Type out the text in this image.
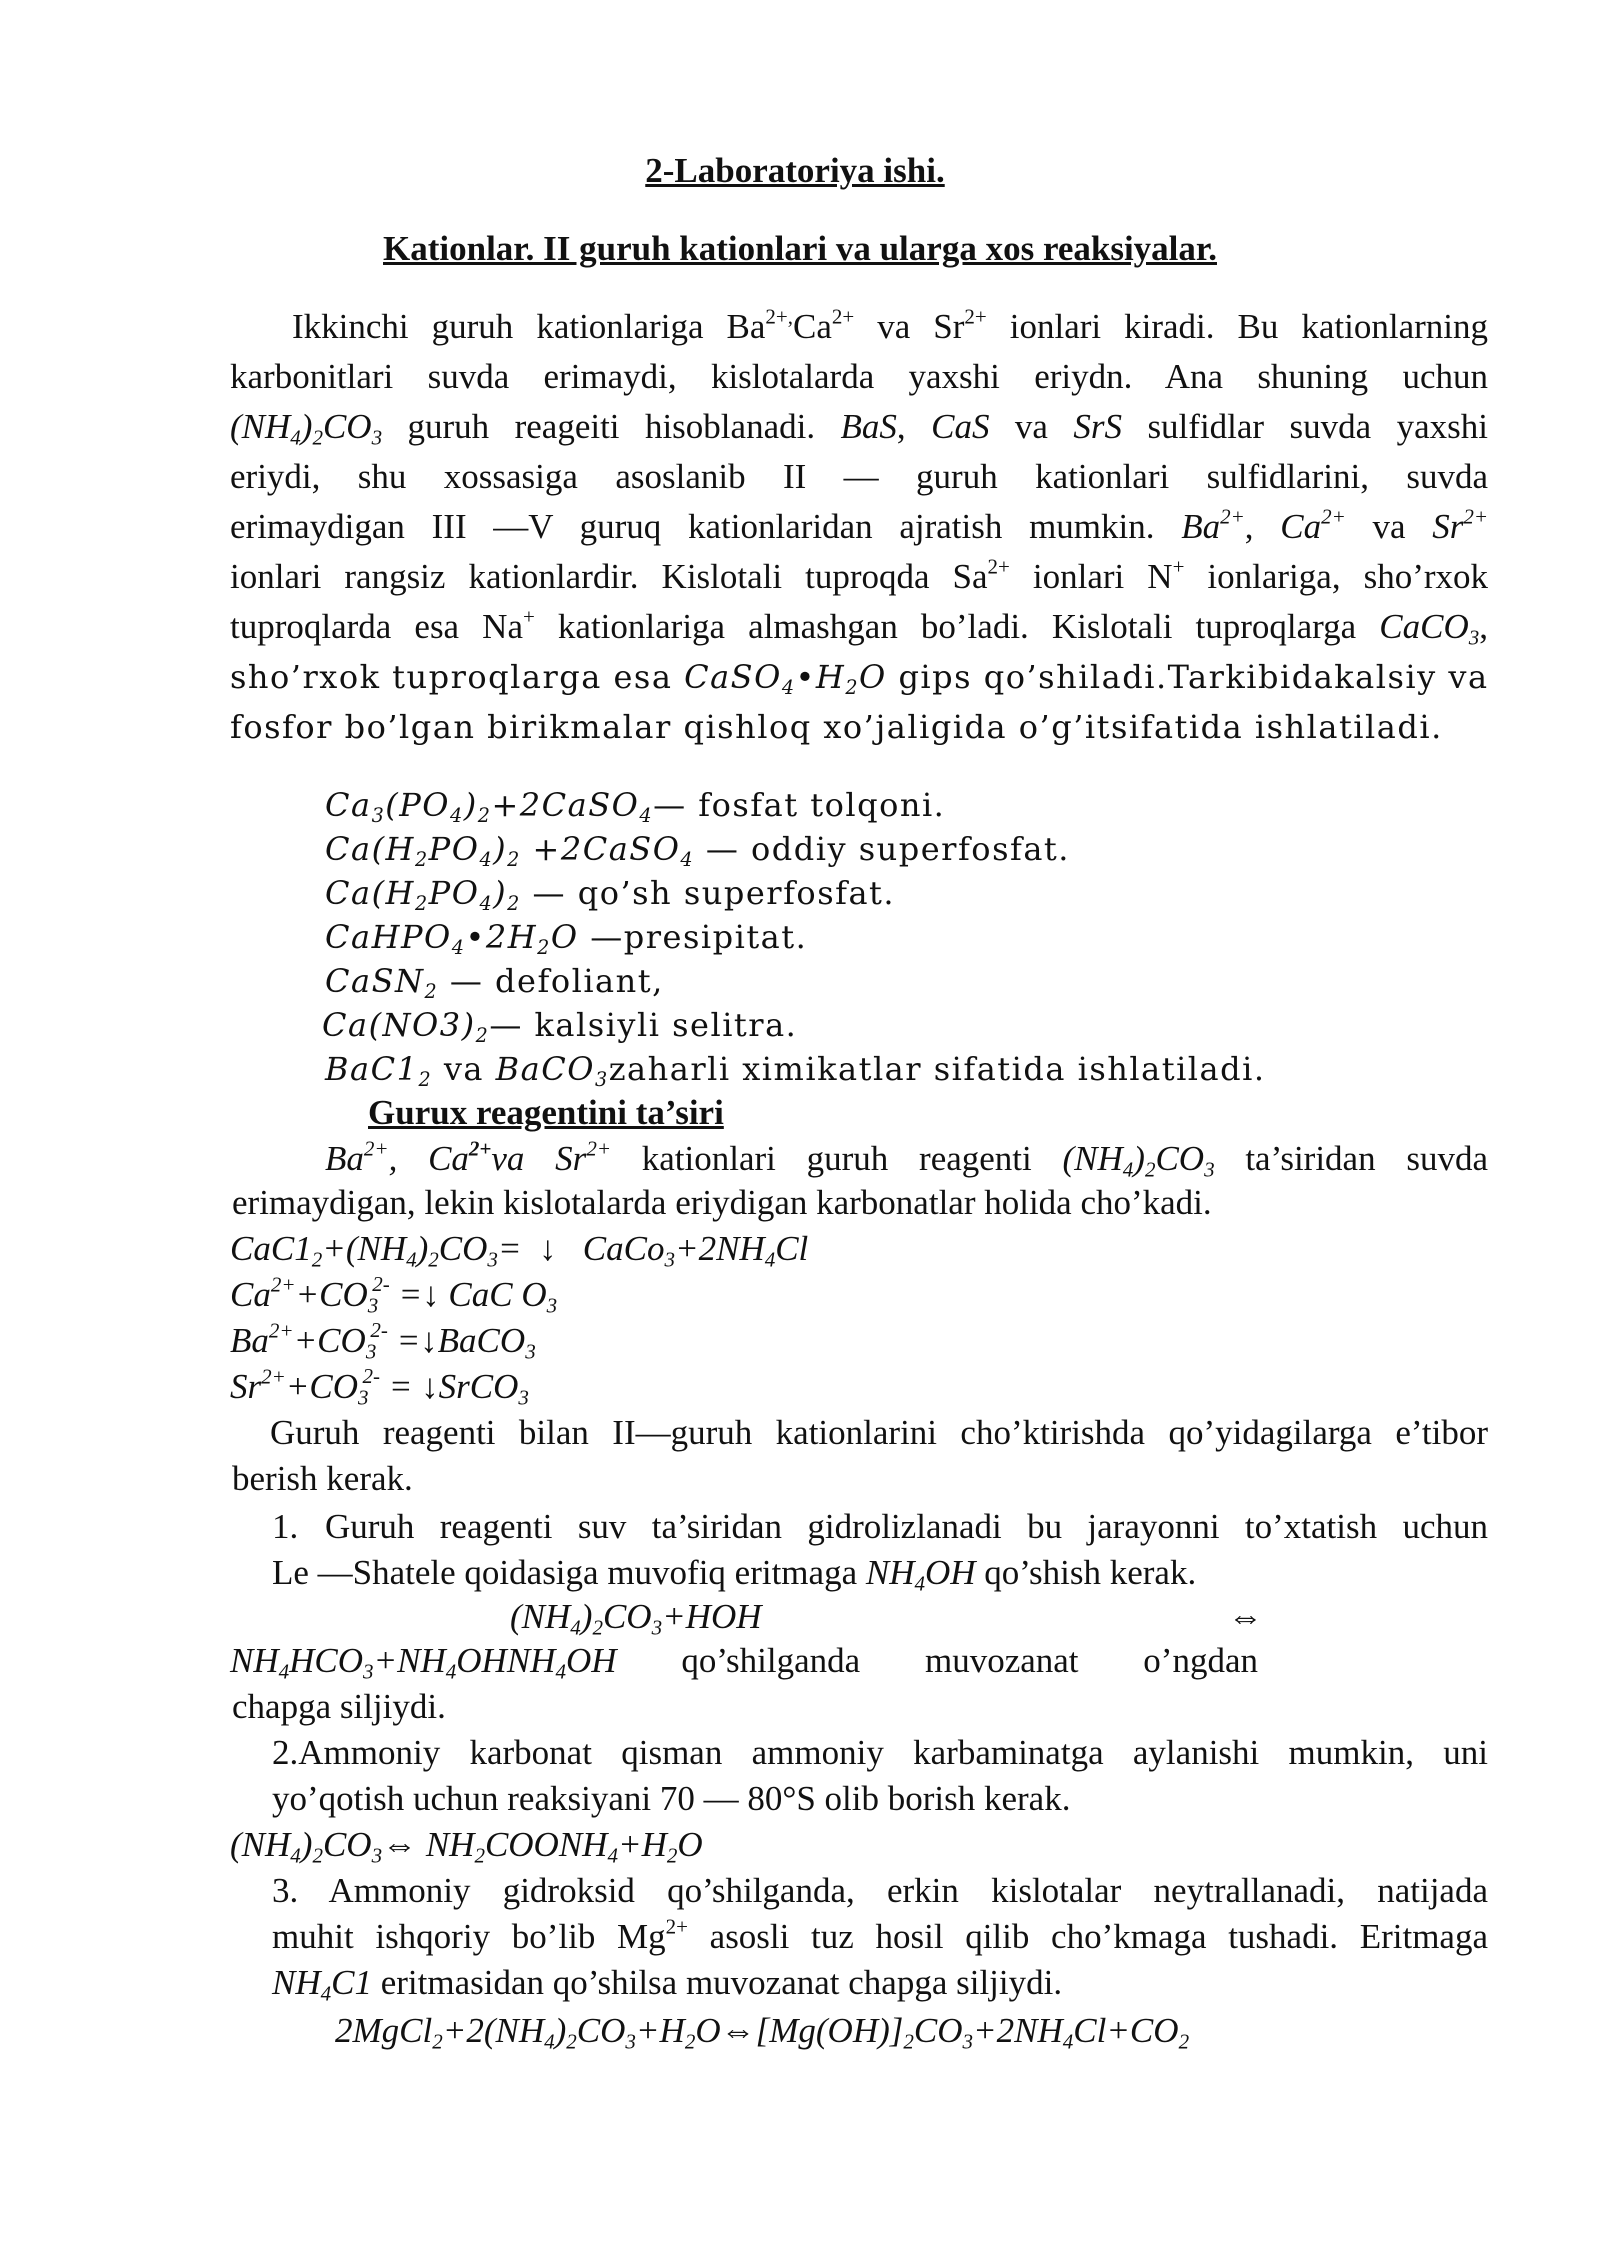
2-Laboratoriya ishi.
Kationlar. II guruh kationlari va ularga xos reaksiyalar.
Ikkinchi guruh kationlariga $Ba^{2+,}Ca^{2+}$ va $Sr^{2+}$ ionlari kiradi. Bu kationlarning
karbonitlari suvda erimaydi, kislotalarda yaxshi eriydn. Ana shuning uchun
$(NH_4)_2CO_3$ guruh reageiti hisoblanadi. BaS, CaS va SrS sulfidlar suvda yaxshi
eriydi, shu xossasiga asoslanib II — guruh kationlari sulfidlarini, suvda
erimaydigan III —V guruq kationlaridan ajratish mumkin. $Ba^{2+}$, $Ca^{2+}$ va $Sr^{2+}$
ionlari rangsiz kationlardir. Kislotali tuproqda $Sa^{2+}$ ionlari N+ ionlariga, sho’rxok
tuproqlarda esa Na+ kationlariga almashgan bo’ladi. Kislotali tuproqlarga CaCO$_3$,
sho’rxok tuproqlarga esa $CaSO_4•H_2O$ gips qo’shiladi.Tarkibidakalsiy va
fosfor bo’lgan birikmalar qishloq xo’jaligida o’g’itsifatida ishlatiladi.
$Ca_3(PO_4)_2+2CaSO_4—$ fosfat tolqoni.
$Ca(H_2PO_4)_2$ +2CaSO$_4$ — oddiy superfosfat.
$Ca(H_2PO_4)_2$ — qo’sh superfosfat.
$CaHPO_4•2H_2O$ —presipitat.
CaSN$_2$ — defoliant,
$Ca(NO3)_2—$ kalsiyli selitra.
$BaC1_2$ va BaCO$_3$zaharli ximikatlar sifatida ishlatiladi.
Gurux reagentini ta’siri
$Ba^{2+}$, $Ca^{2+}va$ $Sr^{2+}$ kationlari guruh reagenti $(NH_4)_2CO_3$ ta’siridan suvda
erimaydigan, lekin kislotalarda eriydigan karbonatlar holida cho’kadi.
$CaC1_2+(NH_4)_2CO_3=$  ↓   $CaCo_3+2NH_4Cl$
$Ca^{2+}+CO_3^{2-}$ =↓ CaC $O_3$
$Ba^{2+}+CO_3^{2-}$ =↓BaCO$_3$
$Sr^{2+}+CO_3^{2-}$ = ↓SrCO$_3$
Guruh reagenti bilan II—guruh kationlarini cho’ktirishda qo’yidagilarga e’tibor
berish kerak.
1. Guruh reagenti suv ta’siridan gidrolizlanadi bu jarayonni to’xtatish uchun
Le —Shatele qoidasiga muvofiq eritmaga $NH_4OH$ qo’shish kerak.
$(NH_4)_2CO_3+HOH$	⇔
$NH_4HCO_3+NH_4OHNH_4OH$ qo’shilganda muvozanat o’ngdan
chapga siljiydi.
2.Ammoniy karbonat qisman ammoniy karbaminatga aylanishi mumkin, uni
yo’qotish uchun reaksiyani 70 — 80°S olib borish kerak.
$(NH_4)_2CO_3\Leftrightarrow$ $NH_2COONH_4+H_2O$
3. Ammoniy gidroksid qo’shilganda, erkin kislotalar neytrallanadi, natijada
muhit ishqoriy bo’lib $Mg^{2+}$ asosli tuz hosil qilib cho’kmaga tushadi. Eritmaga
$NH_4C1$ eritmasidan qo’shilsa muvozanat chapga siljiydi.
$2MgCl_2+2(NH_4)_2CO_3+H_2O\Leftrightarrow[Mg(OH)]_2CO_3+2NH_4Cl+CO_2$
